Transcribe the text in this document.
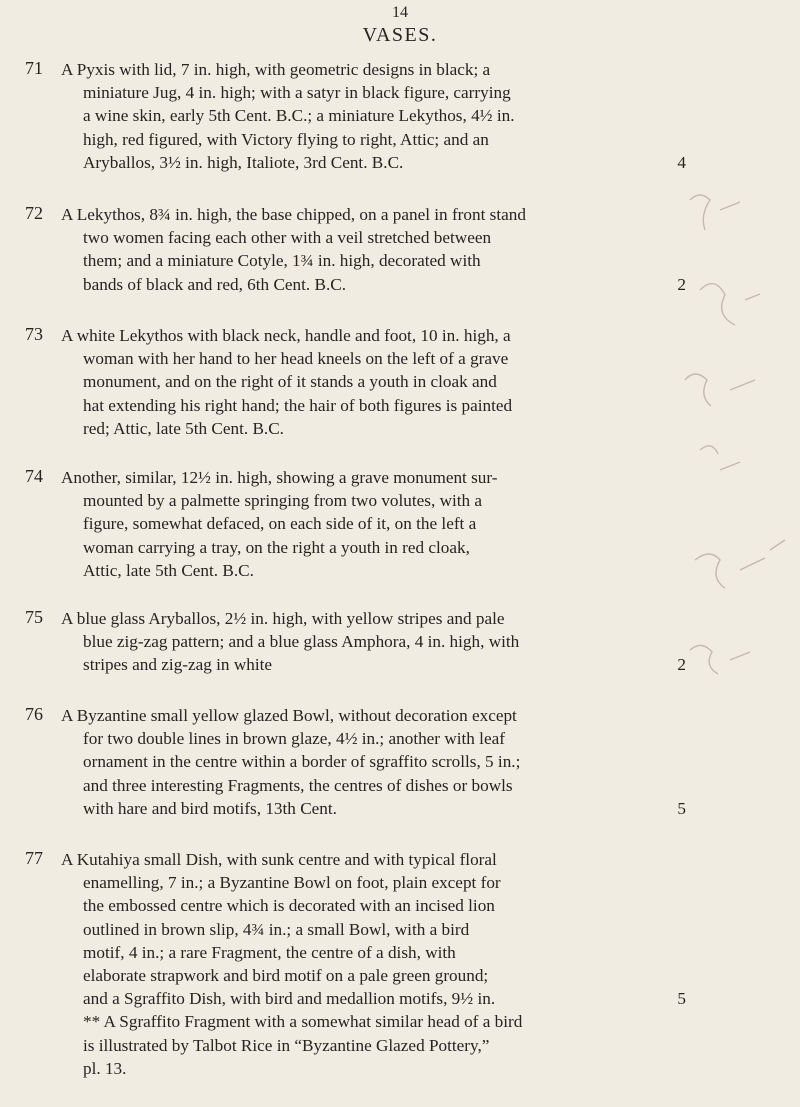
14
VASES.
71 A Pyxis with lid, 7 in. high, with geometric designs in black; a
miniature Jug, 4 in. high; with a satyr in black figure, carrying
a wine skin, early 5th Cent. B.C.; a miniature Lekythos, 4½ in.
high, red figured, with Victory flying to right, Attic; and an
Aryballos, 3½ in. high, Italiote, 3rd Cent. B.C.	4
72 A Lekythos, 8¾ in. high, the base chipped, on a panel in front stand
two women facing each other with a veil stretched between
them; and a miniature Cotyle, 1¾ in. high, decorated with
bands of black and red, 6th Cent. B.C.	2
73 A white Lekythos with black neck, handle and foot, 10 in. high, a
woman with her hand to her head kneels on the left of a grave
monument, and on the right of it stands a youth in cloak and
hat extending his right hand; the hair of both figures is painted
red; Attic, late 5th Cent. B.C.
74 Another, similar, 12½ in. high, showing a grave monument sur-
mounted by a palmette springing from two volutes, with a
figure, somewhat defaced, on each side of it, on the left a
woman carrying a tray, on the right a youth in red cloak,
Attic, late 5th Cent. B.C.
75 A blue glass Aryballos, 2½ in. high, with yellow stripes and pale
blue zig-zag pattern; and a blue glass Amphora, 4 in. high, with
stripes and zig-zag in white	2
76 A Byzantine small yellow glazed Bowl, without decoration except
for two double lines in brown glaze, 4½ in.; another with leaf
ornament in the centre within a border of sgraffito scrolls, 5 in.;
and three interesting Fragments, the centres of dishes or bowls
with hare and bird motifs, 13th Cent.	5
77 A Kutahiya small Dish, with sunk centre and with typical floral
enamelling, 7 in.; a Byzantine Bowl on foot, plain except for
the embossed centre which is decorated with an incised lion
outlined in brown slip, 4¾ in.; a small Bowl, with a bird
motif, 4 in.; a rare Fragment, the centre of a dish, with
elaborate strapwork and bird motif on a pale green ground;
and a Sgraffito Dish, with bird and medallion motifs, 9½ in.	5
** A Sgraffito Fragment with a somewhat similar head of a bird
is illustrated by Talbot Rice in “Byzantine Glazed Pottery,”
pl. 13.
